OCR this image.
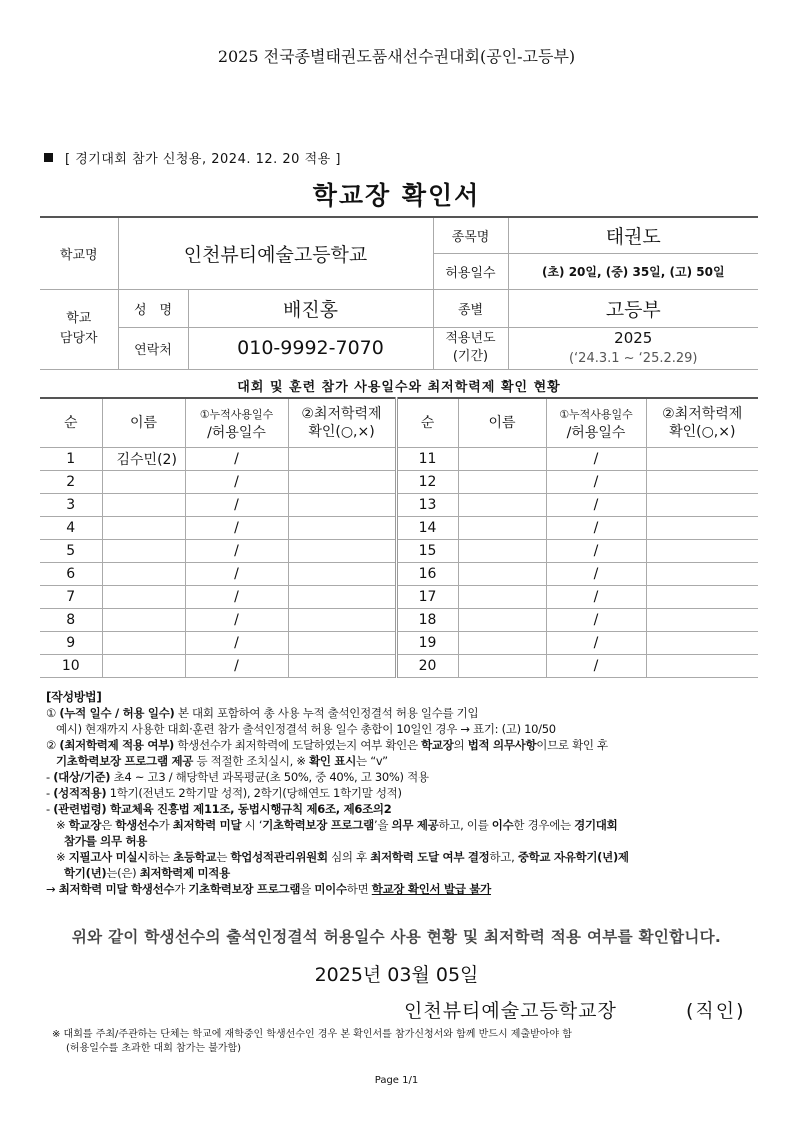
2025 전국종별태권도품새선수권대회(공인-고등부)
[ 경기대회 참가 신청용, 2024. 12. 20 적용 ]
학교장 확인서
학교명	인천뷰티예술고등학교		종목명	태권도
			허용일수	(초) 20일, (중) 35일, (고) 50일
학교
담당자	성　명	배진홍	종별	고등부
	연락처	010-9992-7070	적용년도
(기간)	2025
(‘24.3.1 ~ ‘25.2.29)
대회 및 훈련 참가 사용일수와 최저학력제 확인 현황
순	이름	①누적사용일수
/허용일수	②최저학력제
확인(○,×)	순	이름	①누적사용일수
/허용일수	②최저학력제
확인(○,×)
1	김수민(2)	/		11		/	
2		/		12		/	
3		/		13		/	
4		/		14		/	
5		/		15		/	
6		/		16		/	
7		/		17		/	
8		/		18		/	
9		/		19		/	
10		/		20		/	
[작성방법]
① (누적 일수 / 허용 일수) 본 대회 포함하여 총 사용 누적 출석인정결석 허용 일수를 기입
예시) 현재까지 사용한 대회·훈련 참가 출석인정결석 허용 일수 총합이 10일인 경우 → 표기: (고) 10/50
② (최저학력제 적용 여부) 학생선수가 최저학력에 도달하였는지 여부 확인은 학교장의 법적 의무사항이므로 확인 후
기초학력보장 프로그램 제공 등 적절한 조치실시, ※ 확인 표시는 “v”
- (대상/기준) 초4 ~ 고3 / 해당학년 과목평균(초 50%, 중 40%, 고 30%) 적용
- (성적적용) 1학기(전년도 2학기말 성적), 2학기(당해연도 1학기말 성적)
- (관련법령) 학교체육 진흥법 제11조, 동법시행규칙 제6조, 제6조의2
※ 학교장은 학생선수가 최저학력 미달 시 ‘기초학력보장 프로그램’을 의무 제공하고, 이를 이수한 경우에는 경기대회
참가를 의무 허용
※ 지필고사 미실시하는 초등학교는 학업성적관리위원회 심의 후 최저학력 도달 여부 결정하고, 중학교 자유학기(년)제
학기(년)는(은) 최저학력제 미적용
→ 최저학력 미달 학생선수가 기초학력보장 프로그램을 미이수하면 학교장 확인서 발급 불가
위와 같이 학생선수의 출석인정결석 허용일수 사용 현황 및 최저학력 적용 여부를 확인합니다.
2025년 03월 05일
인천뷰티예술고등학교장	(직인)
※ 대회를 주최/주관하는 단체는 학교에 재학중인 학생선수인 경우 본 확인서를 참가신청서와 함께 반드시 제출받아야 함
(허용일수를 초과한 대회 참가는 불가함)
Page 1/1
